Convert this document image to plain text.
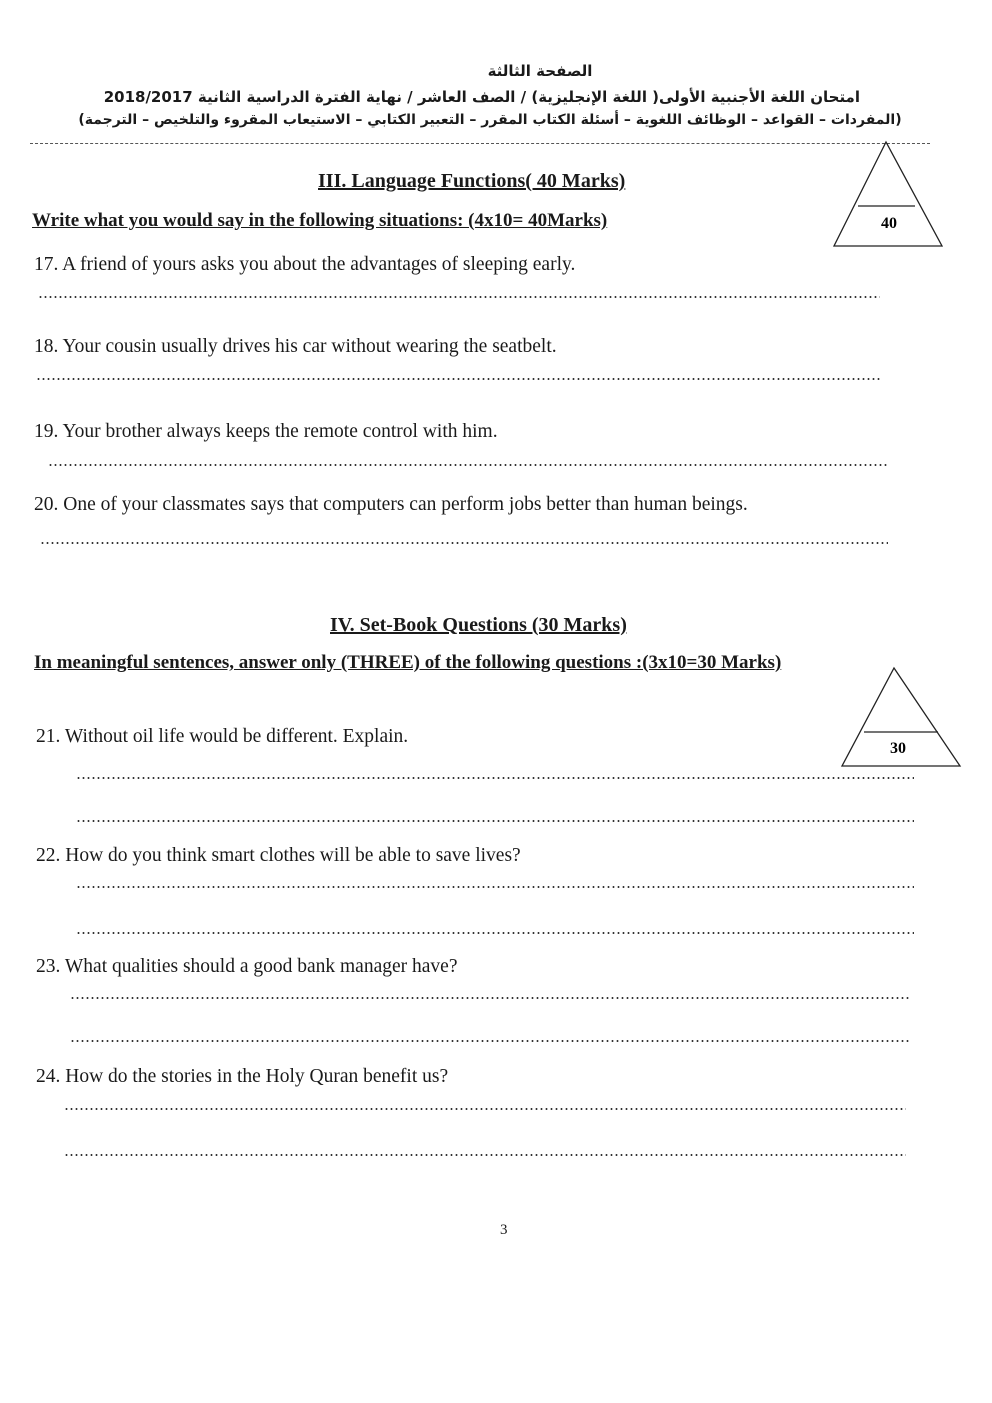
الصفحة الثالثة
امتحان اللغة الأجنبية الأولى( اللغة الإنجليزية) / الصف العاشر / نهاية الفترة الدراسية الثانية 2018/2017
(المفردات – القواعد – الوظائف اللغوية – أسئلة الكتاب المقرر – التعبير الكتابي – الاستيعاب المقروء والتلخيص – الترجمة)
III. Language Functions( 40 Marks)
Write what you would say in the following situations: (4x10= 40Marks)	40
17. A friend of yours asks you about the advantages of sleeping early.
18. Your cousin usually drives his car without wearing the seatbelt.
19. Your brother always keeps the remote control with him.
20. One of your classmates says that computers can perform jobs better than human beings.
IV. Set-Book Questions (30 Marks)
In meaningful sentences, answer only (THREE) of the following questions :(3x10=30 Marks)
30
21. Without oil life would be different. Explain.
22. How do you think smart clothes will be able to save lives?
23. What qualities should a good bank manager have?
24. How do the stories in the Holy Quran benefit us?
3
